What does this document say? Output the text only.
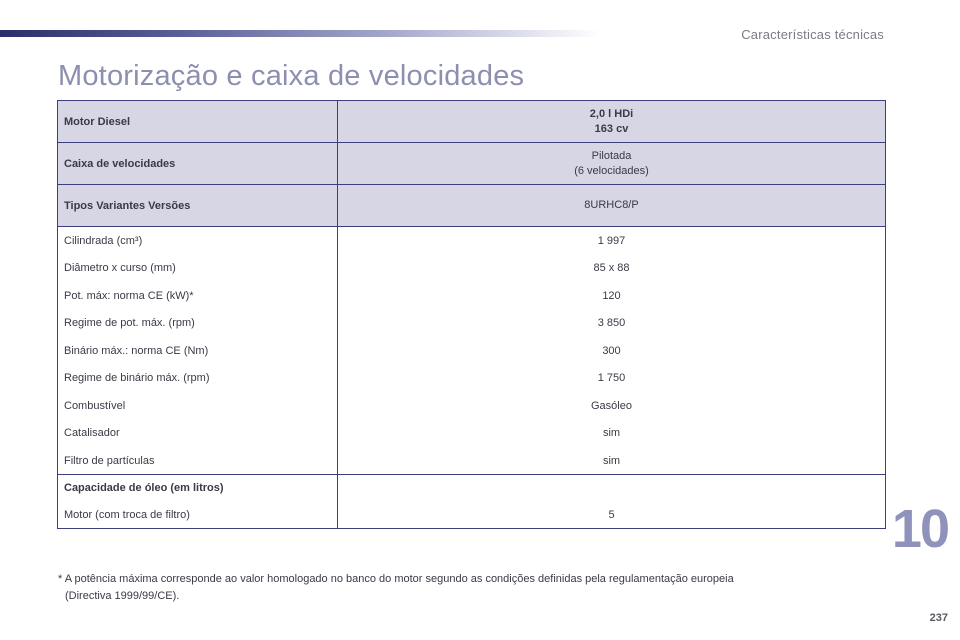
Características técnicas
Motorização e caixa de velocidades
Motor Diesel	2,0 l HDi
163 cv

Caixa de velocidades	Pilotada
(6 velocidades)

Tipos Variantes Versões	8URHC8/P

Cilindrada (cm³)	1 997
Diâmetro x curso (mm)	85 x 88
Pot. máx: norma CE (kW)*	120
Regime de pot. máx. (rpm)	3 850
Binário máx.: norma CE (Nm)	300
Regime de binário máx. (rpm)	1 750
Combustível	Gasóleo
Catalisador	sim
Filtro de partículas	sim
Capacidade de óleo (em litros)	
Motor (com troca de filtro)	5
* A potência máxima corresponde ao valor homologado no banco do motor segundo as condições definidas pela regulamentação europeia
(Directiva 1999/99/CE).
10
237
